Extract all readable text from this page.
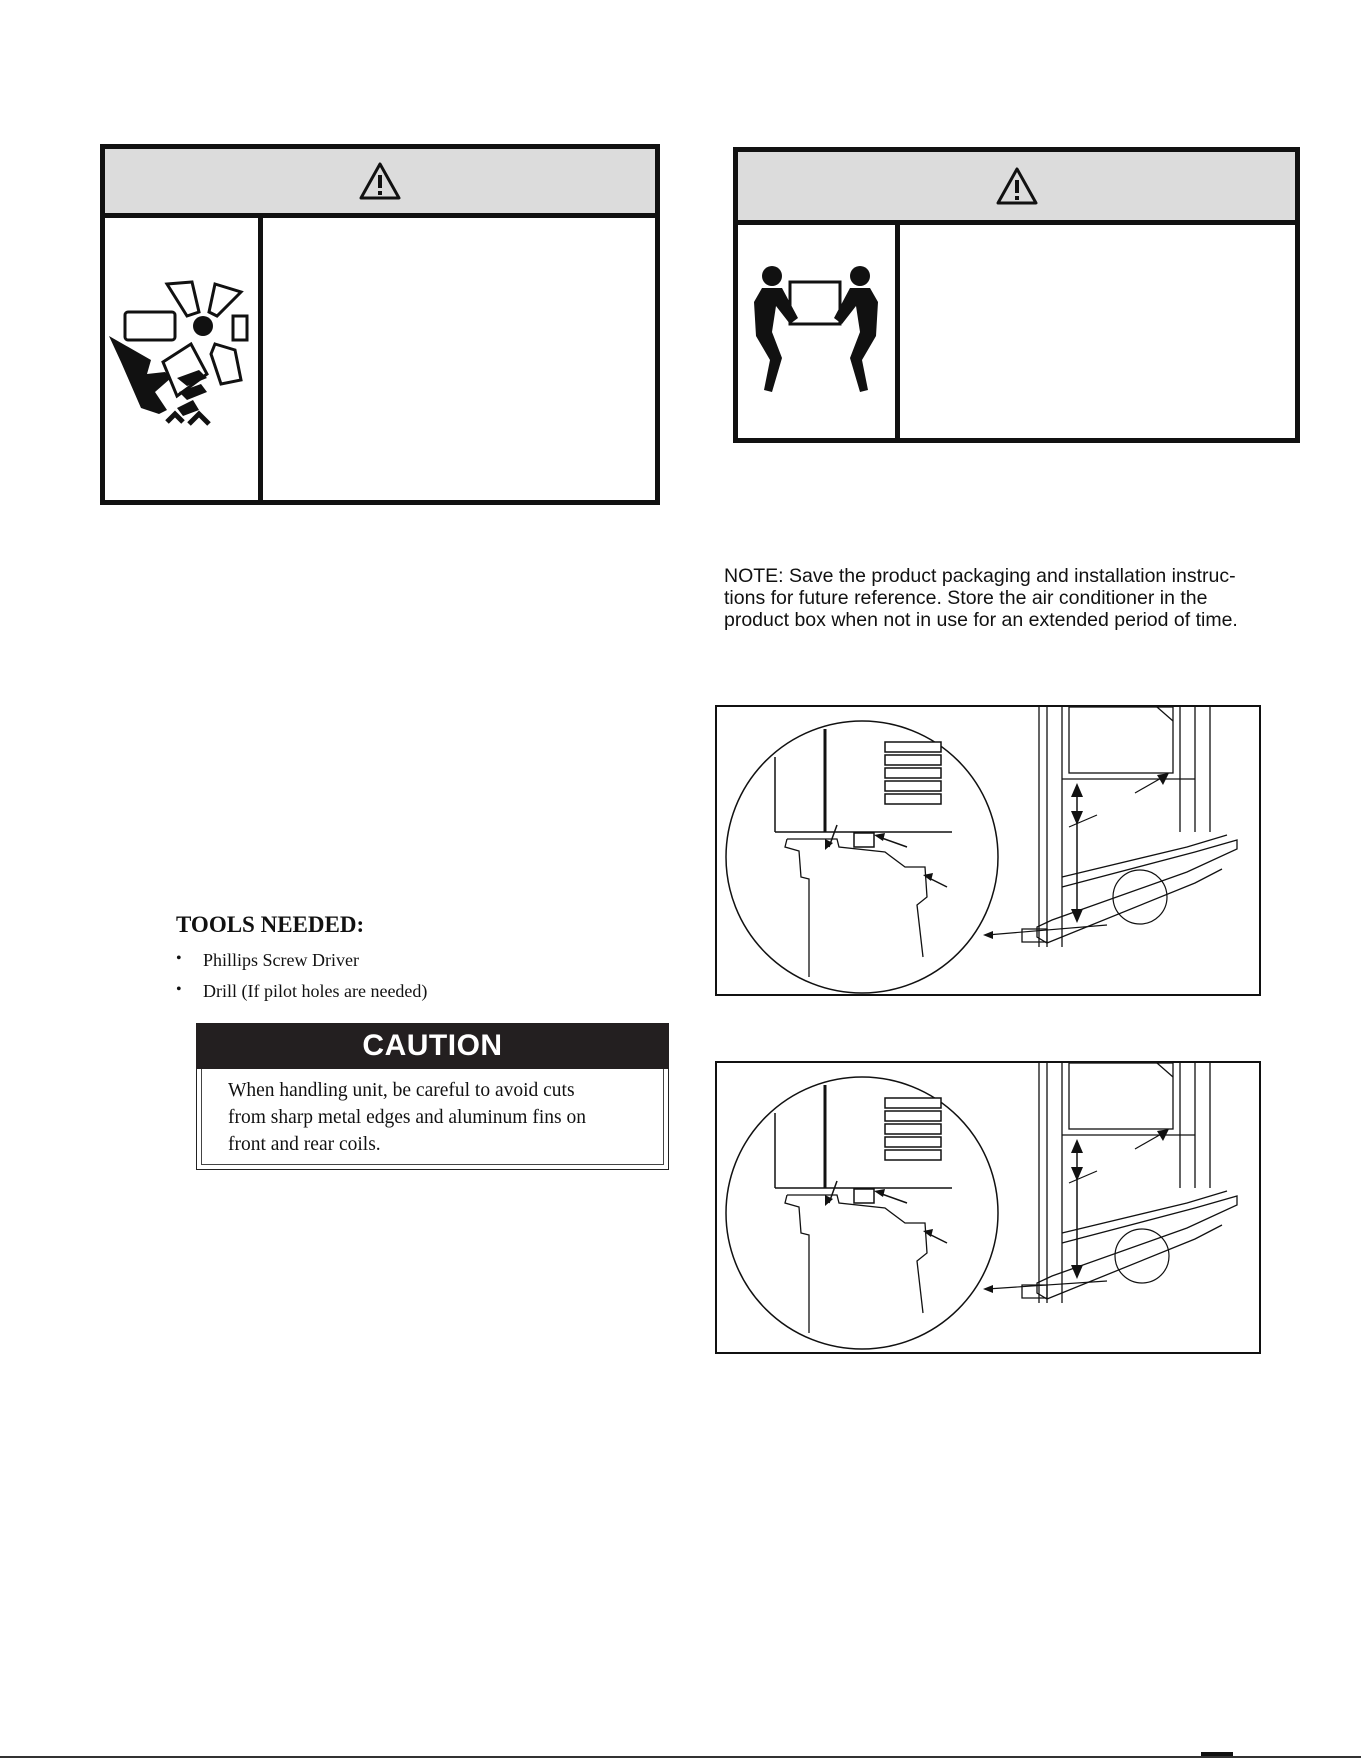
NOTE: Save the product packaging and installation instruc-
tions for future reference. Store the air conditioner in the
product box when not in use for an extended period of time.

TOOLS NEEDED:
•	Phillips Screw Driver
•	Drill (If pilot holes are needed)
CAUTION

When handling unit, be careful to avoid cuts
from sharp metal edges and aluminum fins on
front and rear coils.
